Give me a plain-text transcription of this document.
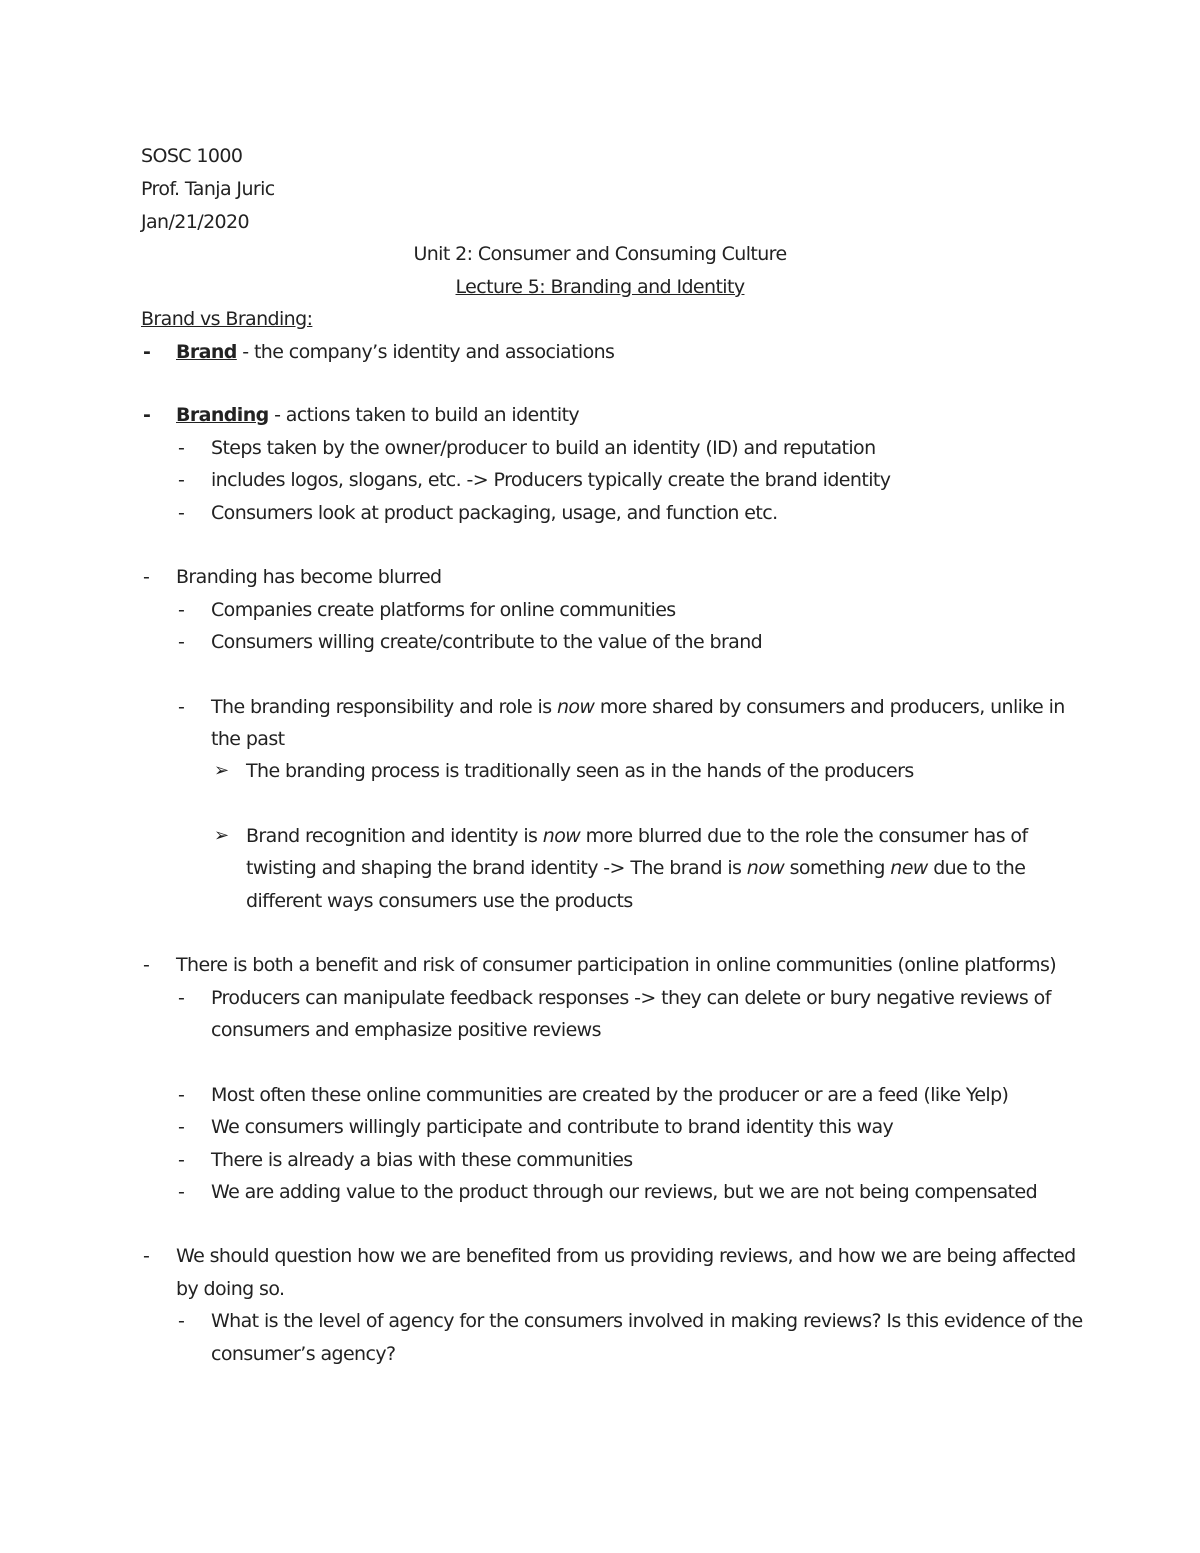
SOSC 1000
Prof. Tanja Juric
Jan/21/2020
Unit 2: Consumer and Consuming Culture
Lecture 5: Branding and Identity
Brand vs Branding:
- Brand - the company’s identity and associations
- Branding - actions taken to build an identity
- Steps taken by the owner/producer to build an identity (ID) and reputation
- includes logos, slogans, etc. -> Producers typically create the brand identity
- Consumers look at product packaging, usage, and function etc.
- Branding has become blurred
- Companies create platforms for online communities
- Consumers willing create/contribute to the value of the brand
- The branding responsibility and role is now more shared by consumers and producers, unlike in
the past
➢ The branding process is traditionally seen as in the hands of the producers
➢ Brand recognition and identity is now more blurred due to the role the consumer has of
twisting and shaping the brand identity -> The brand is now something new due to the
different ways consumers use the products
- There is both a benefit and risk of consumer participation in online communities (online platforms)
- Producers can manipulate feedback responses -> they can delete or bury negative reviews of
consumers and emphasize positive reviews
- Most often these online communities are created by the producer or are a feed (like Yelp)
- We consumers willingly participate and contribute to brand identity this way
- There is already a bias with these communities
- We are adding value to the product through our reviews, but we are not being compensated
- We should question how we are benefited from us providing reviews, and how we are being affected
by doing so.
- What is the level of agency for the consumers involved in making reviews? Is this evidence of the
consumer’s agency?
